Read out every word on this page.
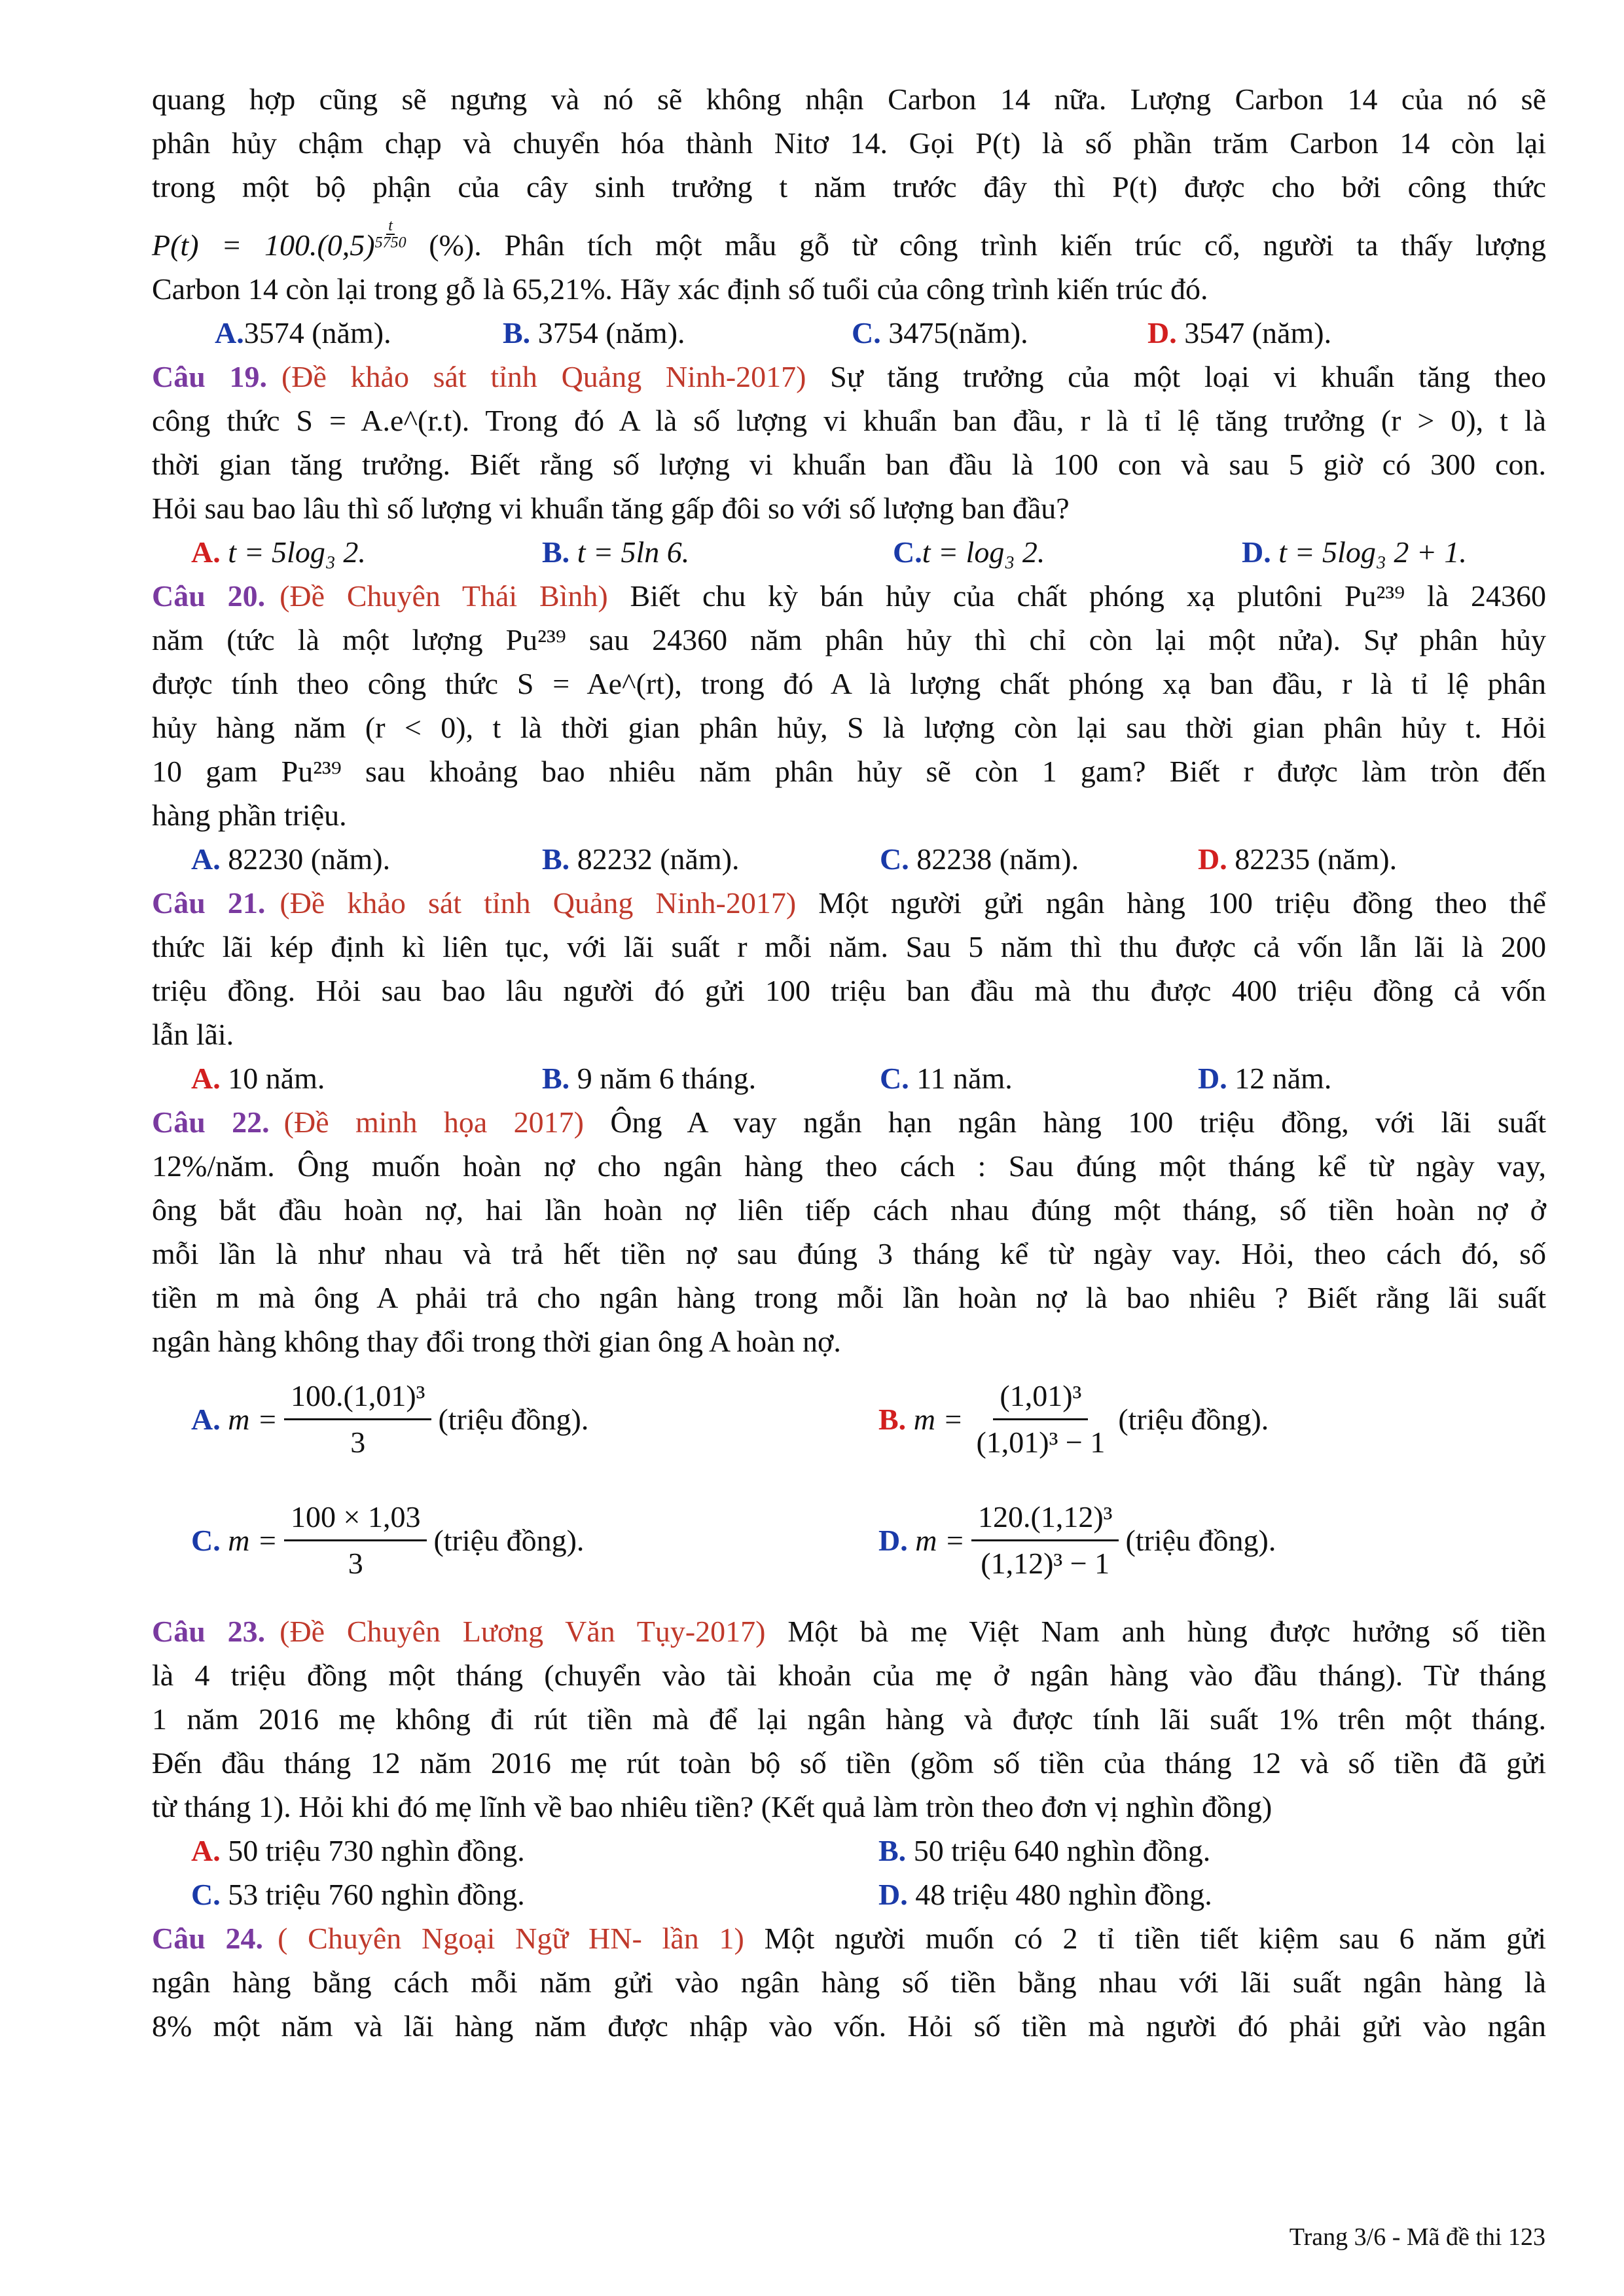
quang hợp cũng sẽ ngưng và nó sẽ không nhận Carbon 14 nữa. Lượng Carbon 14 của nó sẽ

phân hủy chậm chạp và chuyển hóa thành Nitơ 14. Gọi P(t) là số phần trăm Carbon 14 còn lại

trong một bộ phận của cây sinh trưởng t năm trước đây thì P(t) được cho bởi công thức

$P(t) = 100.(0,5) \frac{t}{5750}$ (%). Phân tích một mẫu gỗ từ công trình kiến trúc cổ, người ta thấy lượng

Carbon 14 còn lại trong gỗ là 65,21%. Hãy xác định số tuổi của công trình kiến trúc đó.

A.3574 (năm).	B. 3754 (năm).	C. 3475(năm).	D. 3547 (năm).

Câu 19. (Đề khảo sát tỉnh Quảng Ninh-2017) Sự tăng trưởng của một loại vi khuẩn tăng theo

công thức S = A.e^(r.t). Trong đó A là số lượng vi khuẩn ban đầu, r là tỉ lệ tăng trưởng (r > 0), t là

thời gian tăng trưởng. Biết rằng số lượng vi khuẩn ban đầu là 100 con và sau 5 giờ có 300 con.

Hỏi sau bao lâu thì số lượng vi khuẩn tăng gấp đôi so với số lượng ban đầu?

A. t = 5log₃ 2.	B. t = 5ln 6.	C.t = log₃ 2.	D. t = 5log₃ 2 + 1.

Câu 20. (Đề Chuyên Thái Bình) Biết chu kỳ bán hủy của chất phóng xạ plutôni Pu²³⁹ là 24360

năm (tức là một lượng Pu²³⁹ sau 24360 năm phân hủy thì chỉ còn lại một nửa). Sự phân hủy

được tính theo công thức S = Ae^(rt), trong đó A là lượng chất phóng xạ ban đầu, r là tỉ lệ phân

hủy hàng năm (r < 0), t là thời gian phân hủy, S là lượng còn lại sau thời gian phân hủy t. Hỏi

10 gam Pu²³⁹ sau khoảng bao nhiêu năm phân hủy sẽ còn 1 gam? Biết r được làm tròn đến

hàng phần triệu.

A. 82230 (năm).	B. 82232 (năm).	C. 82238 (năm).	D. 82235 (năm).

Câu 21. (Đề khảo sát tỉnh Quảng Ninh-2017) Một người gửi ngân hàng 100 triệu đồng theo thể

thức lãi kép định kì liên tục, với lãi suất r mỗi năm. Sau 5 năm thì thu được cả vốn lẫn lãi là 200

triệu đồng. Hỏi sau bao lâu người đó gửi 100 triệu ban đầu mà thu được 400 triệu đồng cả vốn

lẫn lãi.

A. 10 năm.	B. 9 năm 6 tháng.	C. 11 năm.	D. 12 năm.

Câu 22. (Đề minh họa 2017) Ông A vay ngắn hạn ngân hàng 100 triệu đồng, với lãi suất

12%/năm. Ông muốn hoàn nợ cho ngân hàng theo cách : Sau đúng một tháng kể từ ngày vay,

ông bắt đầu hoàn nợ, hai lần hoàn nợ liên tiếp cách nhau đúng một tháng, số tiền hoàn nợ ở

mỗi lần là như nhau và trả hết tiền nợ sau đúng 3 tháng kể từ ngày vay. Hỏi, theo cách đó, số

tiền m mà ông A phải trả cho ngân hàng trong mỗi lần hoàn nợ là bao nhiêu ? Biết rằng lãi suất

ngân hàng không thay đổi trong thời gian ông A hoàn nợ.

A.
$m = \frac{\text{100.(1,01)³}}{3}$ (triệu đồng).	B.
$m = \frac{\text{(1,01)³}}{\text{(1,01)³ − 1}}$ (triệu đồng).
C.
$m = \frac{100 \times 1,03}{3}$ (triệu đồng).	D.
$m = \frac{\text{120.(1,12)³}}{\text{(1,12)³ − 1}}$ (triệu đồng).

Câu 23. (Đề Chuyên Lương Văn Tụy-2017) Một bà mẹ Việt Nam anh hùng được hưởng số tiền

là 4 triệu đồng một tháng (chuyển vào tài khoản của mẹ ở ngân hàng vào đầu tháng). Từ tháng

1 năm 2016 mẹ không đi rút tiền mà để lại ngân hàng và được tính lãi suất 1% trên một tháng.

Đến đầu tháng 12 năm 2016 mẹ rút toàn bộ số tiền (gồm số tiền của tháng 12 và số tiền đã gửi

từ tháng 1). Hỏi khi đó mẹ lĩnh về bao nhiêu tiền? (Kết quả làm tròn theo đơn vị nghìn đồng)

A. 50 triệu 730 nghìn đồng.	B. 50 triệu 640 nghìn đồng.
C. 53 triệu 760 nghìn đồng.	D. 48 triệu 480 nghìn đồng.

Câu 24. ( Chuyên Ngoại Ngữ HN- lần 1) Một người muốn có 2 tỉ tiền tiết kiệm sau 6 năm gửi

ngân hàng bằng cách mỗi năm gửi vào ngân hàng số tiền bằng nhau với lãi suất ngân hàng là

8% một năm và lãi hàng năm được nhập vào vốn. Hỏi số tiền mà người đó phải gửi vào ngân

Trang 3/6 - Mã đề thi 123
